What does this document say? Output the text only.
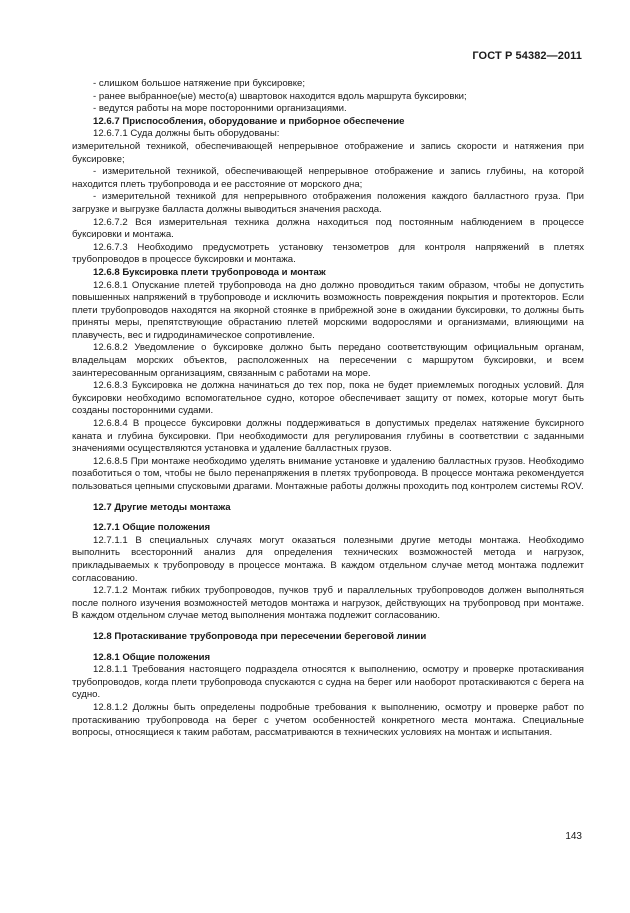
ГОСТ Р 54382—2011

- слишком большое натяжение при буксировке;

- ранее выбранное(ые) место(а) швартовок находится вдоль маршрута буксировки;

- ведутся работы на море посторонними организациями.

12.6.7 Приспособления, оборудование и приборное обеспечение

12.6.7.1 Суда должны быть оборудованы:

измерительной техникой, обеспечивающей непрерывное отображение и запись скорости и натяжения при буксировке;

- измерительной техникой, обеспечивающей непрерывное отображение и запись глубины, на которой находится плеть трубопровода и ее расстояние от морского дна;

- измерительной техникой для непрерывного отображения положения каждого балластного груза. При загрузке и выгрузке балласта должны выводиться значения расхода.

12.6.7.2 Вся измерительная техника должна находиться под постоянным наблюдением в процессе буксировки и монтажа.

12.6.7.3 Необходимо предусмотреть установку тензометров для контроля напряжений в плетях трубопроводов в процессе буксировки и монтажа.

12.6.8 Буксировка плети трубопровода и монтаж

12.6.8.1 Опускание плетей трубопровода на дно должно проводиться таким образом, чтобы не допустить повышенных напряжений в трубопроводе и исключить возможность повреждения покрытия и протекторов. Если плети трубопроводов находятся на якорной стоянке в прибрежной зоне в ожидании буксировки, то должны быть приняты меры, препятствующие обрастанию плетей морскими водорослями и организмами, влияющими на плавучесть, вес и гидродинамическое сопротивление.

12.6.8.2 Уведомление о буксировке должно быть передано соответствующим официальным органам, владельцам морских объектов, расположенных на пересечении с маршрутом буксировки, и всем заинтересованным организациям, связанным с работами на море.

12.6.8.3 Буксировка не должна начинаться до тех пор, пока не будет приемлемых погодных условий. Для буксировки необходимо вспомогательное судно, которое обеспечивает защиту от помех, которые могут быть созданы посторонними судами.

12.6.8.4 В процессе буксировки должны поддерживаться в допустимых пределах натяжение буксирного каната и глубина буксировки. При необходимости для регулирования глубины в соответствии с заданными значениями осуществляются установка и удаление балластных грузов.

12.6.8.5 При монтаже необходимо уделять внимание установке и удалению балластных грузов. Необходимо позаботиться о том, чтобы не было перенапряжения в плетях трубопровода. В процессе монтажа рекомендуется пользоваться цепными спусковыми драгами. Монтажные работы должны проходить под контролем системы ROV.

12.7 Другие методы монтажа

12.7.1 Общие положения

12.7.1.1 В специальных случаях могут оказаться полезными другие методы монтажа. Необходимо выполнить всесторонний анализ для определения технических возможностей метода и нагрузок, прикладываемых к трубопроводу в процессе монтажа. В каждом отдельном случае метод монтажа подлежит согласованию.

12.7.1.2 Монтаж гибких трубопроводов, пучков труб и параллельных трубопроводов должен выполняться после полного изучения возможностей методов монтажа и нагрузок, действующих на трубопровод при монтаже. В каждом отдельном случае метод выполнения монтажа подлежит согласованию.

12.8 Протаскивание трубопровода при пересечении береговой линии

12.8.1 Общие положения

12.8.1.1 Требования настоящего подраздела относятся к выполнению, осмотру и проверке протаскивания трубопроводов, когда плети трубопровода спускаются с судна на берег или наоборот протаскиваются с берега на судно.

12.8.1.2 Должны быть определены подробные требования к выполнению, осмотру и проверке работ по протаскиванию трубопровода на берег с учетом особенностей конкретного места монтажа. Специальные вопросы, относящиеся к таким работам, рассматриваются в технических условиях на монтаж и испытания.

143
